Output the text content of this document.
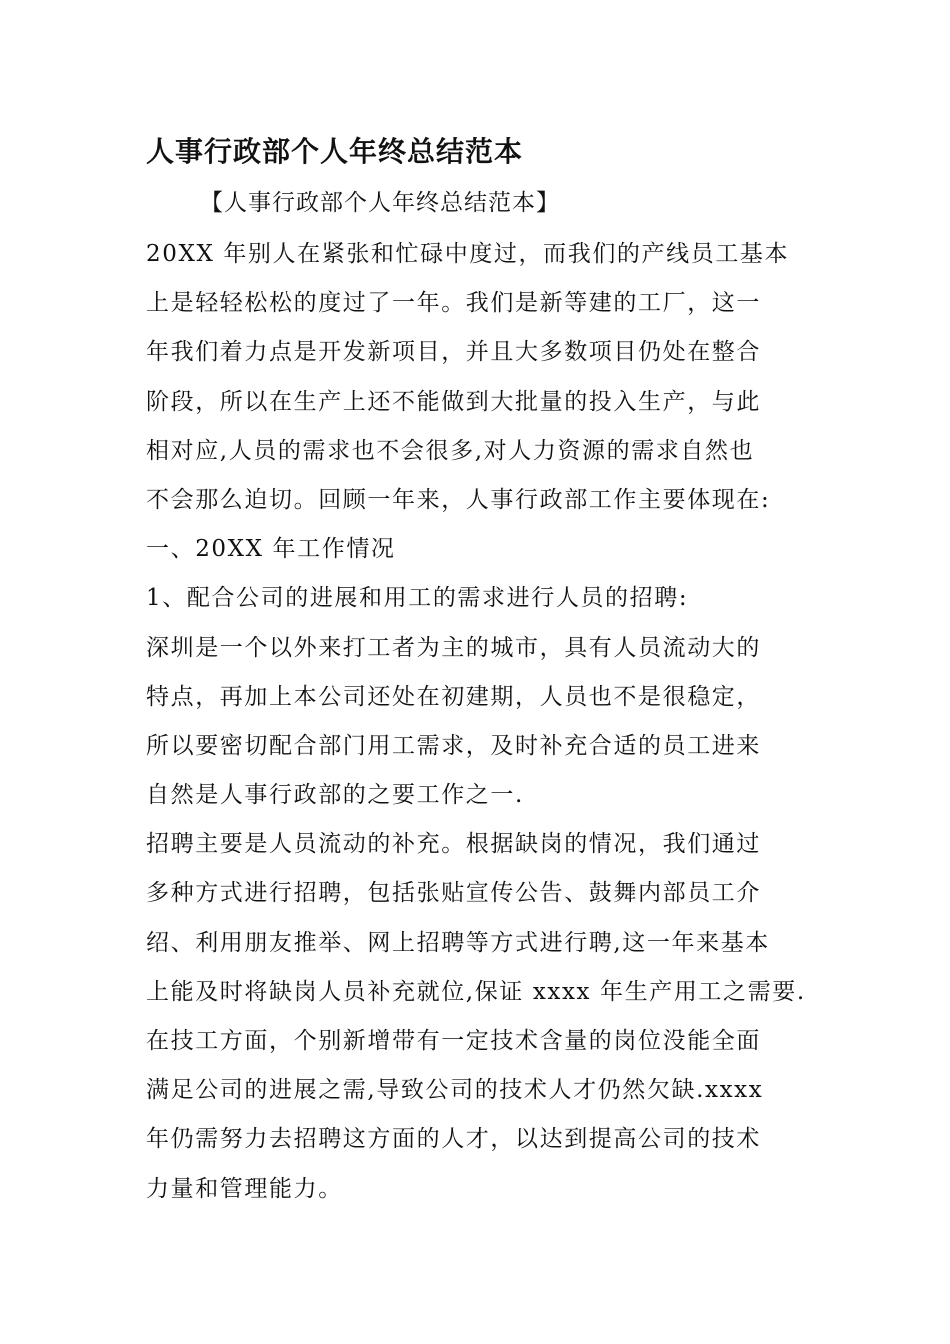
人事行政部个人年终总结范本
【人事行政部个人年终总结范本】
20XX 年别人在紧张和忙碌中度过，而我们的产线员工基本
上是轻轻松松的度过了一年。我们是新等建的工厂，这一
年我们着力点是开发新项目，并且大多数项目仍处在整合
阶段，所以在生产上还不能做到大批量的投入生产，与此
相对应,人员的需求也不会很多,对人力资源的需求自然也
不会那么迫切。回顾一年来，人事行政部工作主要体现在:
一、20XX 年工作情况
1、配合公司的进展和用工的需求进行人员的招聘:
深圳是一个以外来打工者为主的城市，具有人员流动大的
特点，再加上本公司还处在初建期，人员也不是很稳定，
所以要密切配合部门用工需求，及时补充合适的员工进来
自然是人事行政部的之要工作之一.
招聘主要是人员流动的补充。根据缺岗的情况，我们通过
多种方式进行招聘，包括张贴宣传公告、鼓舞内部员工介
绍、利用朋友推举、网上招聘等方式进行聘,这一年来基本
上能及时将缺岗人员补充就位,保证 xxxx 年生产用工之需要.
在技工方面，个别新增带有一定技术含量的岗位没能全面
满足公司的进展之需,导致公司的技术人才仍然欠缺.xxxx
年仍需努力去招聘这方面的人才，以达到提高公司的技术
力量和管理能力。
